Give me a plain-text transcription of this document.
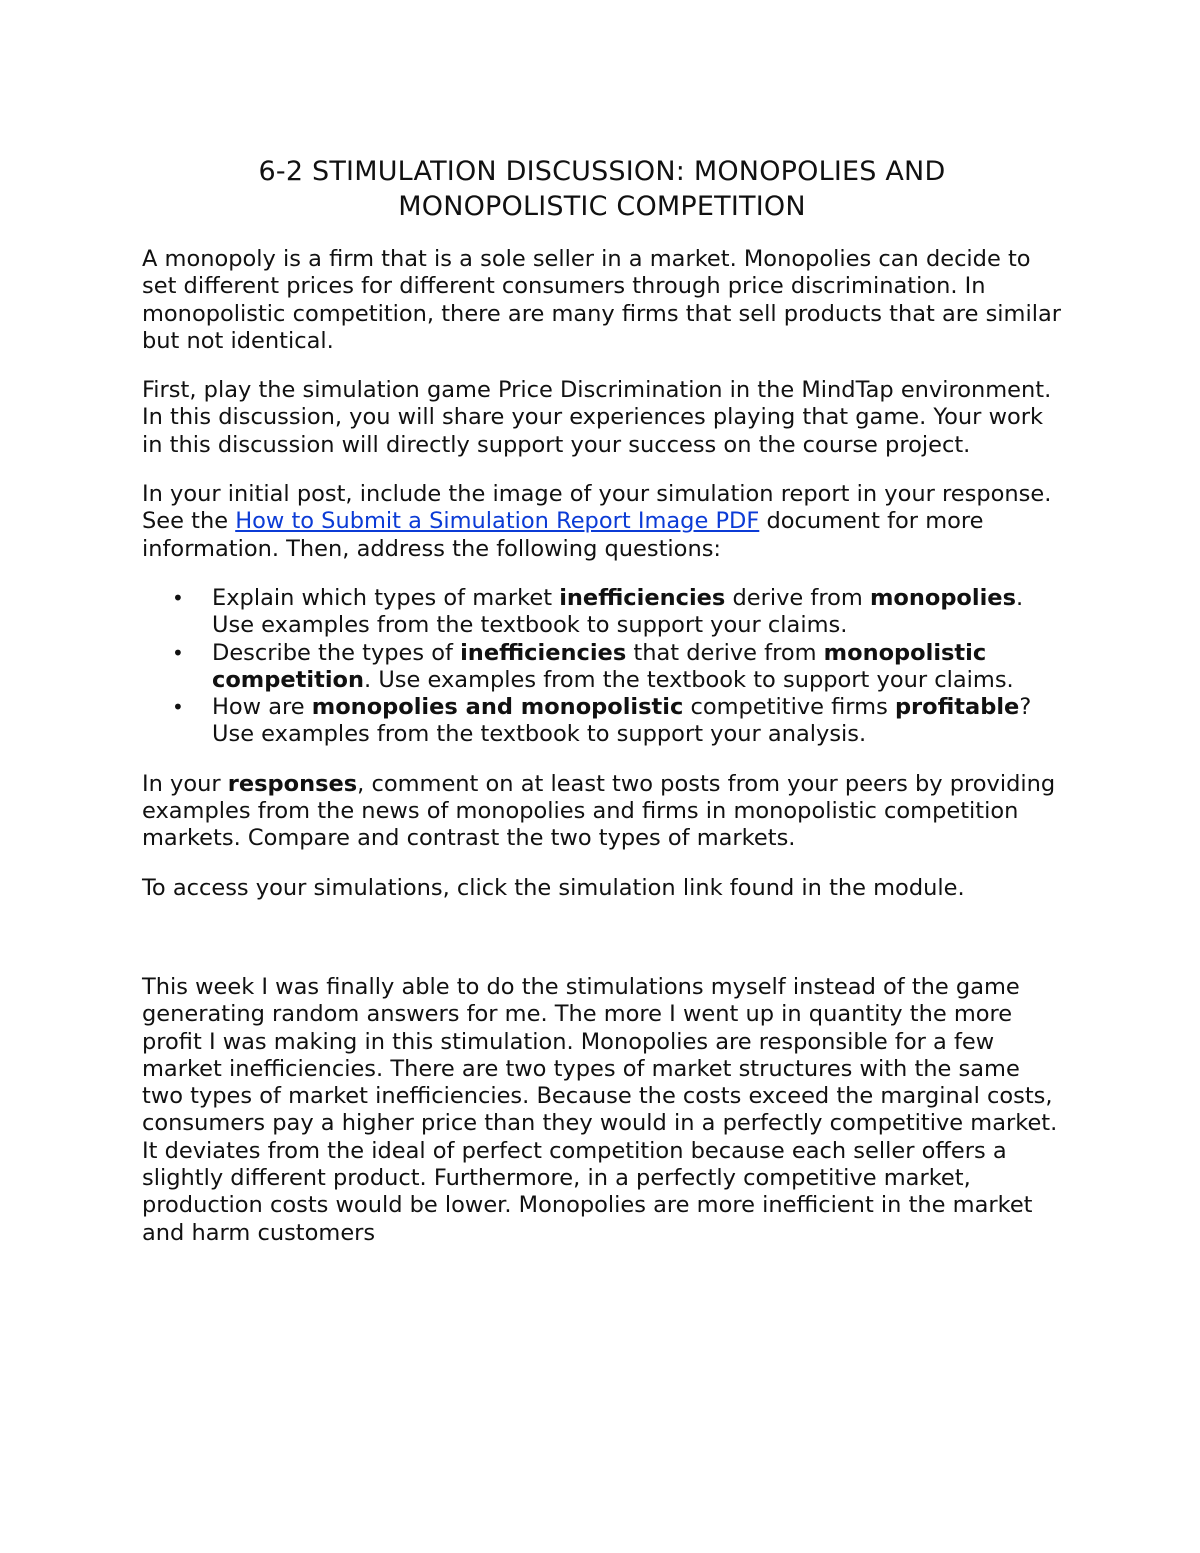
6-2 STIMULATION DISCUSSION: MONOPOLIES AND
MONOPOLISTIC COMPETITION

A monopoly is a firm that is a sole seller in a market. Monopolies can decide to set different prices for different consumers through price discrimination. In monopolistic competition, there are many firms that sell products that are similar but not identical.

First, play the simulation game Price Discrimination in the MindTap environment. In this discussion, you will share your experiences playing that game. Your work in this discussion will directly support your success on the course project.

In your initial post, include the image of your simulation report in your response. See the How to Submit a Simulation Report Image PDF document for more information. Then, address the following questions:

• Explain which types of market inefficiencies derive from monopolies. Use examples from the textbook to support your claims.
• Describe the types of inefficiencies that derive from monopolistic competition. Use examples from the textbook to support your claims.
• How are monopolies and monopolistic competitive firms profitable? Use examples from the textbook to support your analysis.

In your responses, comment on at least two posts from your peers by providing examples from the news of monopolies and firms in monopolistic competition markets. Compare and contrast the two types of markets.

To access your simulations, click the simulation link found in the module.

This week I was finally able to do the stimulations myself instead of the game generating random answers for me. The more I went up in quantity the more profit I was making in this stimulation. Monopolies are responsible for a few market inefficiencies. There are two types of market structures with the same two types of market inefficiencies. Because the costs exceed the marginal costs, consumers pay a higher price than they would in a perfectly competitive market. It deviates from the ideal of perfect competition because each seller offers a slightly different product. Furthermore, in a perfectly competitive market, production costs would be lower. Monopolies are more inefficient in the market and harm customers
